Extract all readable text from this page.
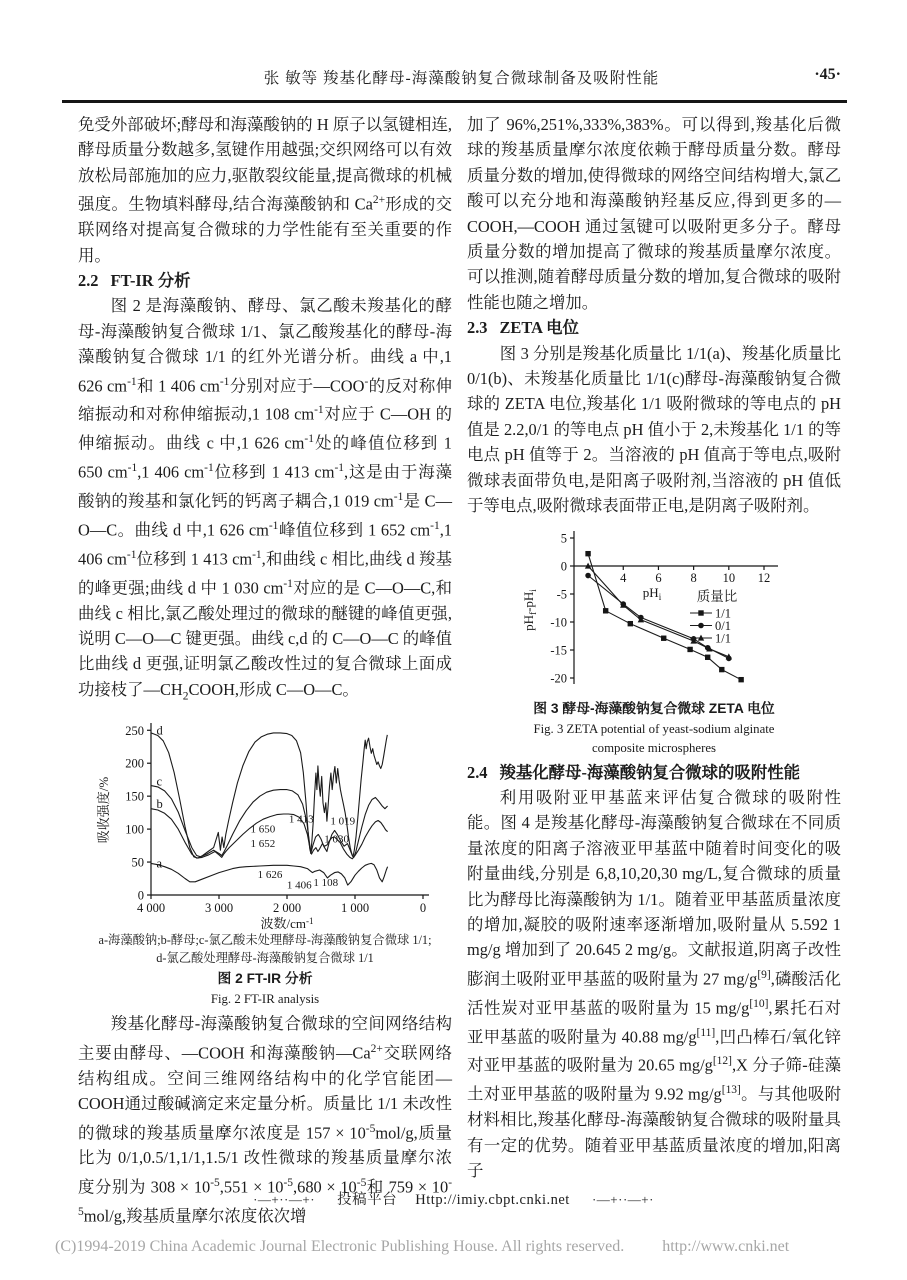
张 敏等 羧基化酵母-海藻酸钠复合微球制备及吸附性能	·45·

免受外部破坏;酵母和海藻酸钠的 H 原子以氢键相连,酵母质量分数越多,氢键作用越强;交织网络可以有效放松局部施加的应力,驱散裂纹能量,提高微球的机械强度。生物填料酵母,结合海藻酸钠和 $Ca^{2+}$形成的交联网络对提高复合微球的力学性能有至关重要的作用。

2.2 FT-IR 分析

图 2 是海藻酸钠、酵母、氯乙酸未羧基化的酵母-海藻酸钠复合微球 1/1、氯乙酸羧基化的酵母-海藻酸钠复合微球 1/1 的红外光谱分析。曲线 a 中,1 626 $cm^{-1}$和 1 406 $cm^{-1}$分别对应于—COO-的反对称伸缩振动和对称伸缩振动,1 108 $cm^{-1}$对应于 C—OH 的伸缩振动。曲线 c 中,1 626 $cm^{-1}$处的峰值位移到 1 650 $cm^{-1},1$ 406 $cm^{-1}$位移到 1 413 $cm^{-1}$,这是由于海藻酸钠的羧基和氯化钙的钙离子耦合,1 019 $cm^{-1}$是 C—O—C。曲线 d 中,1 626 $cm^{-1}$峰值位移到 1 652 $cm^{-1},1$ 406 $cm^{-1}$位移到 1 413 $cm^{-1}$,和曲线 c 相比,曲线 d 羧基的峰更强;曲线 d 中 1 030 $cm^{-1}$对应的是 C—O—C,和曲线 c 相比,氯乙酸处理过的微球的醚键的峰值更强,说明 C—O—C 键更强。曲线 c,d 的 C—O—C 的峰值比曲线 d 更强,证明氯乙酸改性过的复合微球上面成功接枝了$—CH_2COOH$,形成 C—O—C。

4 000	3 000	2 000	1 000	0
0
50
100
150
200
250
吸收强度/%
波数$/cm^{-1}$
d
c
b
a
1 650
1 652
1 413 1 019
1 030
1 626
1 406 1 108
a-海藻酸钠;b-酵母;c-氯乙酸未处理酵母-海藻酸钠复合微球 1/1;
d-氯乙酸处理酵母-海藻酸钠复合微球 1/1
图 2 FT-IR 分析
Fig. 2 FT-IR analysis

羧基化酵母-海藻酸钠复合微球的空间网络结构主要由酵母、—COOH 和海藻酸钠$—Ca^{2+}$交联网络结构组成。空间三维网络结构中的化学官能团—COOH通过酸碱滴定来定量分析。质量比 1/1 未改性的微球的羧基质量摩尔浓度是 $157 \times 10^{-5}mol/g$,质量比为 0/1,0.5/1,1/1,1.5/1 改性微球的羧基质量摩尔浓度分别为 $308 \times 10^{-5},551 \times 10^{-5},680 \times 10^{-5}$和 $759 \times 10^{-5}mol/g$,羧基质量摩尔浓度依次增

加了 96%,251%,333%,383%。可以得到,羧基化后微球的羧基质量摩尔浓度依赖于酵母质量分数。酵母质量分数的增加,使得微球的网络空间结构增大,氯乙酸可以充分地和海藻酸钠羟基反应,得到更多的—COOH,—COOH 通过氢键可以吸附更多分子。酵母质量分数的增加提高了微球的羧基质量摩尔浓度。可以推测,随着酵母质量分数的增加,复合微球的吸附性能也随之增加。

2.3 ZETA 电位

图 3 分别是羧基化质量比 1/1(a)、羧基化质量比 0/1(b)、未羧基化质量比 1/1(c)酵母-海藻酸钠复合微球的 ZETA 电位,羧基化 1/1 吸附微球的等电点的 pH 值是 2.2,0/1 的等电点 pH 值小于 2,未羧基化 1/1 的等电点 pH 值等于 2。当溶液的 pH 值高于等电点,吸附微球表面带负电,是阳离子吸附剂,当溶液的 pH 值低于等电点,吸附微球表面带正电,是阴离子吸附剂。

4 6 8 10 12
5
0
-5
-10
-15
-20
$pH_i$
$pH_f-pH_i$	质量比
1/1
0/1
1/1
图 3 酵母-海藻酸钠复合微球 ZETA 电位
Fig. 3 ZETA potential of yeast-sodium alginate
composite microspheres
2.4 羧基化酵母-海藻酸钠复合微球的吸附性能

利用吸附亚甲基蓝来评估复合微球的吸附性能。图 4 是羧基化酵母-海藻酸钠复合微球在不同质量浓度的阳离子溶液亚甲基蓝中随着时间变化的吸附量曲线,分别是 6,8,10,20,30 mg/L,复合微球的质量比为酵母比海藻酸钠为 1/1。随着亚甲基蓝质量浓度的增加,凝胶的吸附速率逐渐增加,吸附量从 5.592 1 mg/g 增加到了 20.645 2 mg/g。文献报道,阴离子改性膨润土吸附亚甲基蓝的吸附量为 27 mg/g[9],磷酸活化活性炭对亚甲基蓝的吸附量为 15 mg/g[10],累托石对亚甲基蓝的吸附量为 40.88 mg/g[11],凹凸棒石/氧化锌对亚甲基蓝的吸附量为 20.65 mg/g[12],X 分子筛-硅藻土对亚甲基蓝的吸附量为 9.92 mg/g[13]。与其他吸附材料相比,羧基化酵母-海藻酸钠复合微球的吸附量具有一定的优势。随着亚甲基蓝质量浓度的增加,阳离子

·—+··—+· 投稿平台 Http://imiy.cbpt.cnki.net ·—+··—+·
(C)1994-2019 China Academic Journal Electronic Publishing House. All rights reserved. http://www.cnki.net
